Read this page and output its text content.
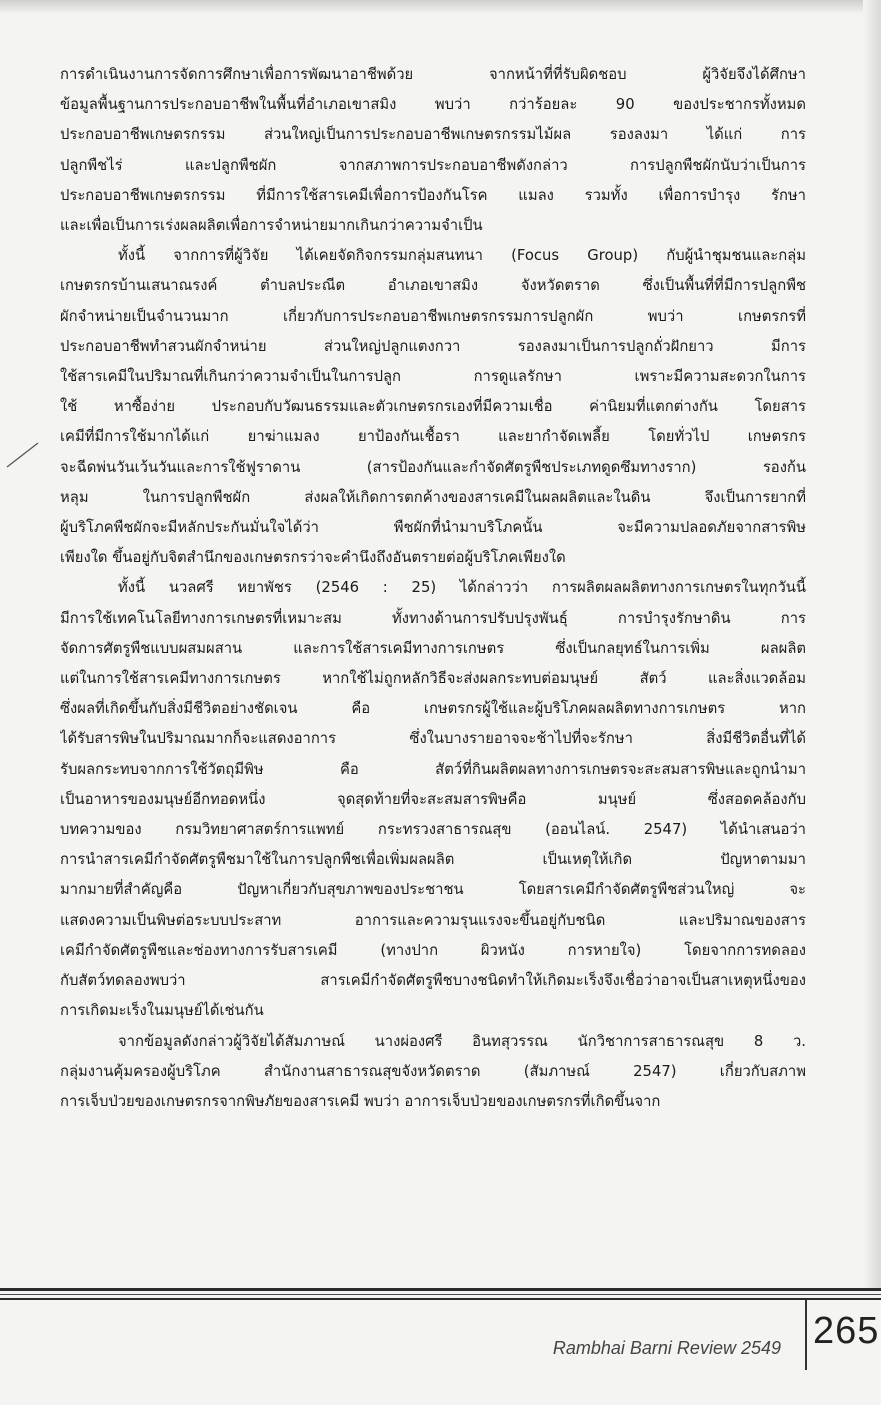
การดำเนินงานการจัดการศึกษาเพื่อการพัฒนาอาชีพด้วย จากหน้าที่ที่รับผิดชอบ ผู้วิจัยจึงได้ศึกษา
ข้อมูลพื้นฐานการประกอบอาชีพในพื้นที่อำเภอเขาสมิง พบว่า กว่าร้อยละ 90 ของประชากรทั้งหมด
ประกอบอาชีพเกษตรกรรม ส่วนใหญ่เป็นการประกอบอาชีพเกษตรกรรมไม้ผล รองลงมา ได้แก่ การ
ปลูกพืชไร่ และปลูกพืชผัก จากสภาพการประกอบอาชีพดังกล่าว การปลูกพืชผักนับว่าเป็นการ
ประกอบอาชีพเกษตรกรรม ที่มีการใช้สารเคมีเพื่อการป้องกันโรค แมลง รวมทั้ง เพื่อการบำรุง รักษา
และเพื่อเป็นการเร่งผลผลิตเพื่อการจำหน่ายมากเกินกว่าความจำเป็น
ทั้งนี้ จากการที่ผู้วิจัย ได้เคยจัดกิจกรรมกลุ่มสนทนา (Focus Group) กับผู้นำชุมชนและกลุ่ม
เกษตรกรบ้านเสนาณรงค์ ตำบลประณีต อำเภอเขาสมิง จังหวัดตราด ซึ่งเป็นพื้นที่ที่มีการปลูกพืช
ผักจำหน่ายเป็นจำนวนมาก เกี่ยวกับการประกอบอาชีพเกษตรกรรมการปลูกผัก พบว่า เกษตรกรที่
ประกอบอาชีพทำสวนผักจำหน่าย ส่วนใหญ่ปลูกแตงกวา รองลงมาเป็นการปลูกถั่วฝักยาว มีการ
ใช้สารเคมีในปริมาณที่เกินกว่าความจำเป็นในการปลูก การดูแลรักษา เพราะมีความสะดวกในการ
ใช้ หาซื้อง่าย ประกอบกับวัฒนธรรมและตัวเกษตรกรเองที่มีความเชื่อ ค่านิยมที่แตกต่างกัน โดยสาร
เคมีที่มีการใช้มากได้แก่ ยาฆ่าแมลง ยาป้องกันเชื้อรา และยากำจัดเพลี้ย โดยทั่วไป เกษตรกร
จะฉีดพ่นวันเว้นวันและการใช้ฟูราดาน (สารป้องกันและกำจัดศัตรูพืชประเภทดูดซึมทางราก) รองก้น
หลุม ในการปลูกพืชผัก ส่งผลให้เกิดการตกค้างของสารเคมีในผลผลิตและในดิน จึงเป็นการยากที่
ผู้บริโภคพืชผักจะมีหลักประกันมั่นใจได้ว่า พืชผักที่นำมาบริโภคนั้น จะมีความปลอดภัยจากสารพิษ
เพียงใด ขึ้นอยู่กับจิตสำนึกของเกษตรกรว่าจะคำนึงถึงอันตรายต่อผู้บริโภคเพียงใด
ทั้งนี้ นวลศรี หยาพัชร (2546 : 25) ได้กล่าวว่า การผลิตผลผลิตทางการเกษตรในทุกวันนี้
มีการใช้เทคโนโลยีทางการเกษตรที่เหมาะสม ทั้งทางด้านการปรับปรุงพันธุ์ การบำรุงรักษาดิน การ
จัดการศัตรูพืชแบบผสมผสาน และการใช้สารเคมีทางการเกษตร ซึ่งเป็นกลยุทธ์ในการเพิ่ม ผลผลิต
แต่ในการใช้สารเคมีทางการเกษตร หากใช้ไม่ถูกหลักวิธีจะส่งผลกระทบต่อมนุษย์ สัตว์ และสิ่งแวดล้อม
ซึ่งผลที่เกิดขึ้นกับสิ่งมีชีวิตอย่างชัดเจน คือ เกษตรกรผู้ใช้และผู้บริโภคผลผลิตทางการเกษตร หาก
ได้รับสารพิษในปริมาณมากก็จะแสดงอาการ ซึ่งในบางรายอาจจะช้าไปที่จะรักษา สิ่งมีชีวิตอื่นที่ได้
รับผลกระทบจากการใช้วัตถุมีพิษ คือ สัตว์ที่กินผลิตผลทางการเกษตรจะสะสมสารพิษและถูกนำมา
เป็นอาหารของมนุษย์อีกทอดหนึ่ง จุดสุดท้ายที่จะสะสมสารพิษคือ มนุษย์ ซึ่งสอดคล้องกับ
บทความของ กรมวิทยาศาสตร์การแพทย์ กระทรวงสาธารณสุข (ออนไลน์. 2547) ได้นำเสนอว่า
การนำสารเคมีกำจัดศัตรูพืชมาใช้ในการปลูกพืชเพื่อเพิ่มผลผลิต เป็นเหตุให้เกิด ปัญหาตามมา
มากมายที่สำคัญคือ ปัญหาเกี่ยวกับสุขภาพของประชาชน โดยสารเคมีกำจัดศัตรูพืชส่วนใหญ่ จะ
แสดงความเป็นพิษต่อระบบประสาท อาการและความรุนแรงจะขึ้นอยู่กับชนิด และปริมาณของสาร
เคมีกำจัดศัตรูพืชและช่องทางการรับสารเคมี (ทางปาก ผิวหนัง การหายใจ) โดยจากการทดลอง
กับสัตว์ทดลองพบว่า สารเคมีกำจัดศัตรูพืชบางชนิดทำให้เกิดมะเร็งจึงเชื่อว่าอาจเป็นสาเหตุหนึ่งของ
การเกิดมะเร็งในมนุษย์ได้เช่นกัน
จากข้อมูลดังกล่าวผู้วิจัยได้สัมภาษณ์ นางผ่องศรี อินทสุวรรณ นักวิชาการสาธารณสุข 8 ว.
กลุ่มงานคุ้มครองผู้บริโภค สำนักงานสาธารณสุขจังหวัดตราด (สัมภาษณ์ 2547) เกี่ยวกับสภาพ
การเจ็บป่วยของเกษตรกรจากพิษภัยของสารเคมี พบว่า อาการเจ็บป่วยของเกษตรกรที่เกิดขึ้นจาก
Rambhai Barni Review 2549 265
